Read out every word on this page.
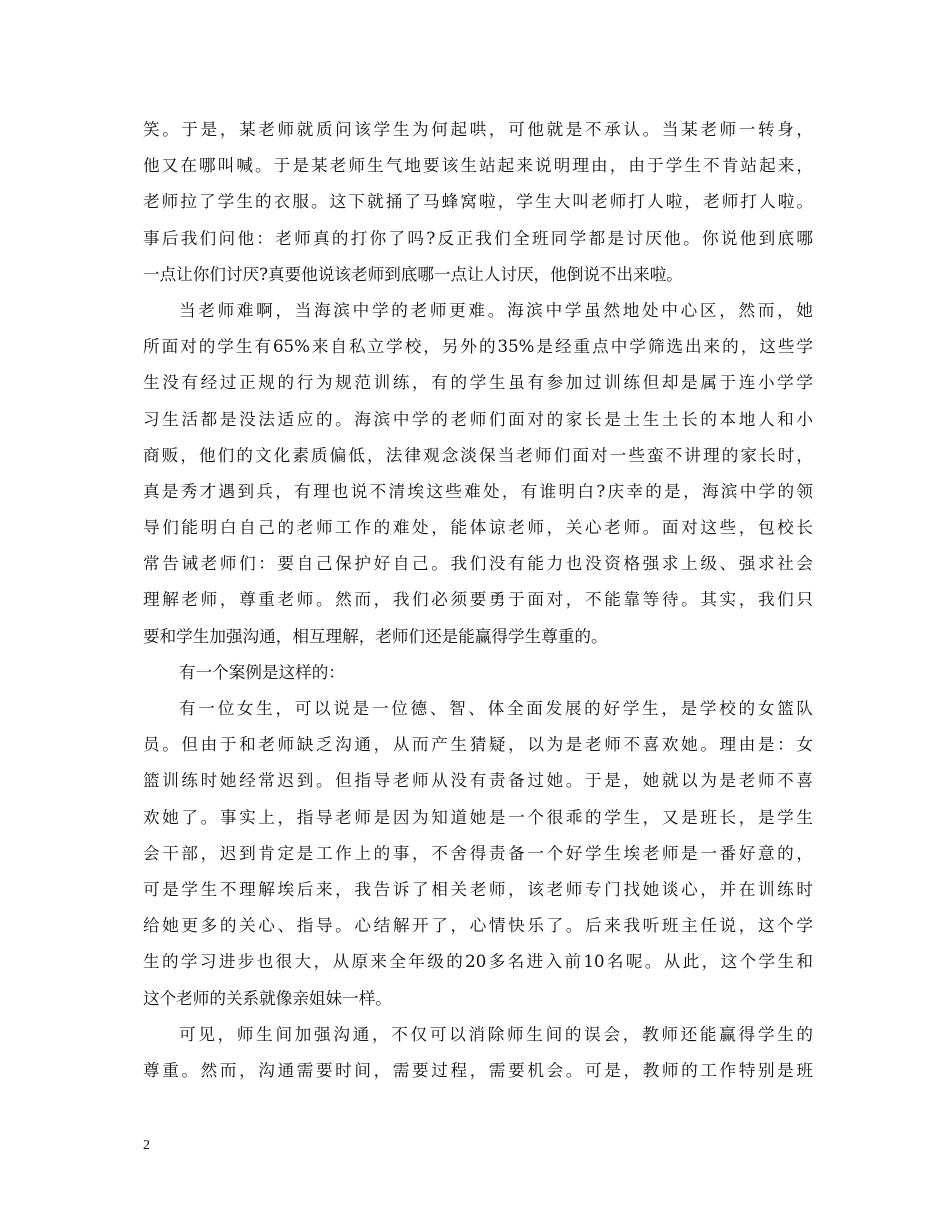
笑。于是，某老师就质问该学生为何起哄，可他就是不承认。当某老师一转身，
他又在哪叫喊。于是某老师生气地要该生站起来说明理由，由于学生不肯站起来，
老师拉了学生的衣服。这下就捅了马蜂窝啦，学生大叫老师打人啦，老师打人啦。
事后我们问他：老师真的打你了吗?反正我们全班同学都是讨厌他。你说他到底哪
一点让你们讨厌?真要他说该老师到底哪一点让人讨厌，他倒说不出来啦。
当老师难啊，当海滨中学的老师更难。海滨中学虽然地处中心区，然而，她
所面对的学生有65%来自私立学校，另外的35%是经重点中学筛选出来的，这些学
生没有经过正规的行为规范训练，有的学生虽有参加过训练但却是属于连小学学
习生活都是没法适应的。海滨中学的老师们面对的家长是土生土长的本地人和小
商贩，他们的文化素质偏低，法律观念淡保当老师们面对一些蛮不讲理的家长时，
真是秀才遇到兵，有理也说不清埃这些难处，有谁明白?庆幸的是，海滨中学的领
导们能明白自己的老师工作的难处，能体谅老师，关心老师。面对这些，包校长
常告诫老师们：要自己保护好自己。我们没有能力也没资格强求上级、强求社会
理解老师，尊重老师。然而，我们必须要勇于面对，不能靠等待。其实，我们只
要和学生加强沟通，相互理解，老师们还是能赢得学生尊重的。
有一个案例是这样的：
有一位女生，可以说是一位德、智、体全面发展的好学生，是学校的女篮队
员。但由于和老师缺乏沟通，从而产生猜疑，以为是老师不喜欢她。理由是：女
篮训练时她经常迟到。但指导老师从没有责备过她。于是，她就以为是老师不喜
欢她了。事实上，指导老师是因为知道她是一个很乖的学生，又是班长，是学生
会干部，迟到肯定是工作上的事，不舍得责备一个好学生埃老师是一番好意的，
可是学生不理解埃后来，我告诉了相关老师，该老师专门找她谈心，并在训练时
给她更多的关心、指导。心结解开了，心情快乐了。后来我听班主任说，这个学
生的学习进步也很大，从原来全年级的20多名进入前10名呢。从此，这个学生和
这个老师的关系就像亲姐妹一样。
可见，师生间加强沟通，不仅可以消除师生间的误会，教师还能赢得学生的
尊重。然而，沟通需要时间，需要过程，需要机会。可是，教师的工作特别是班
2
